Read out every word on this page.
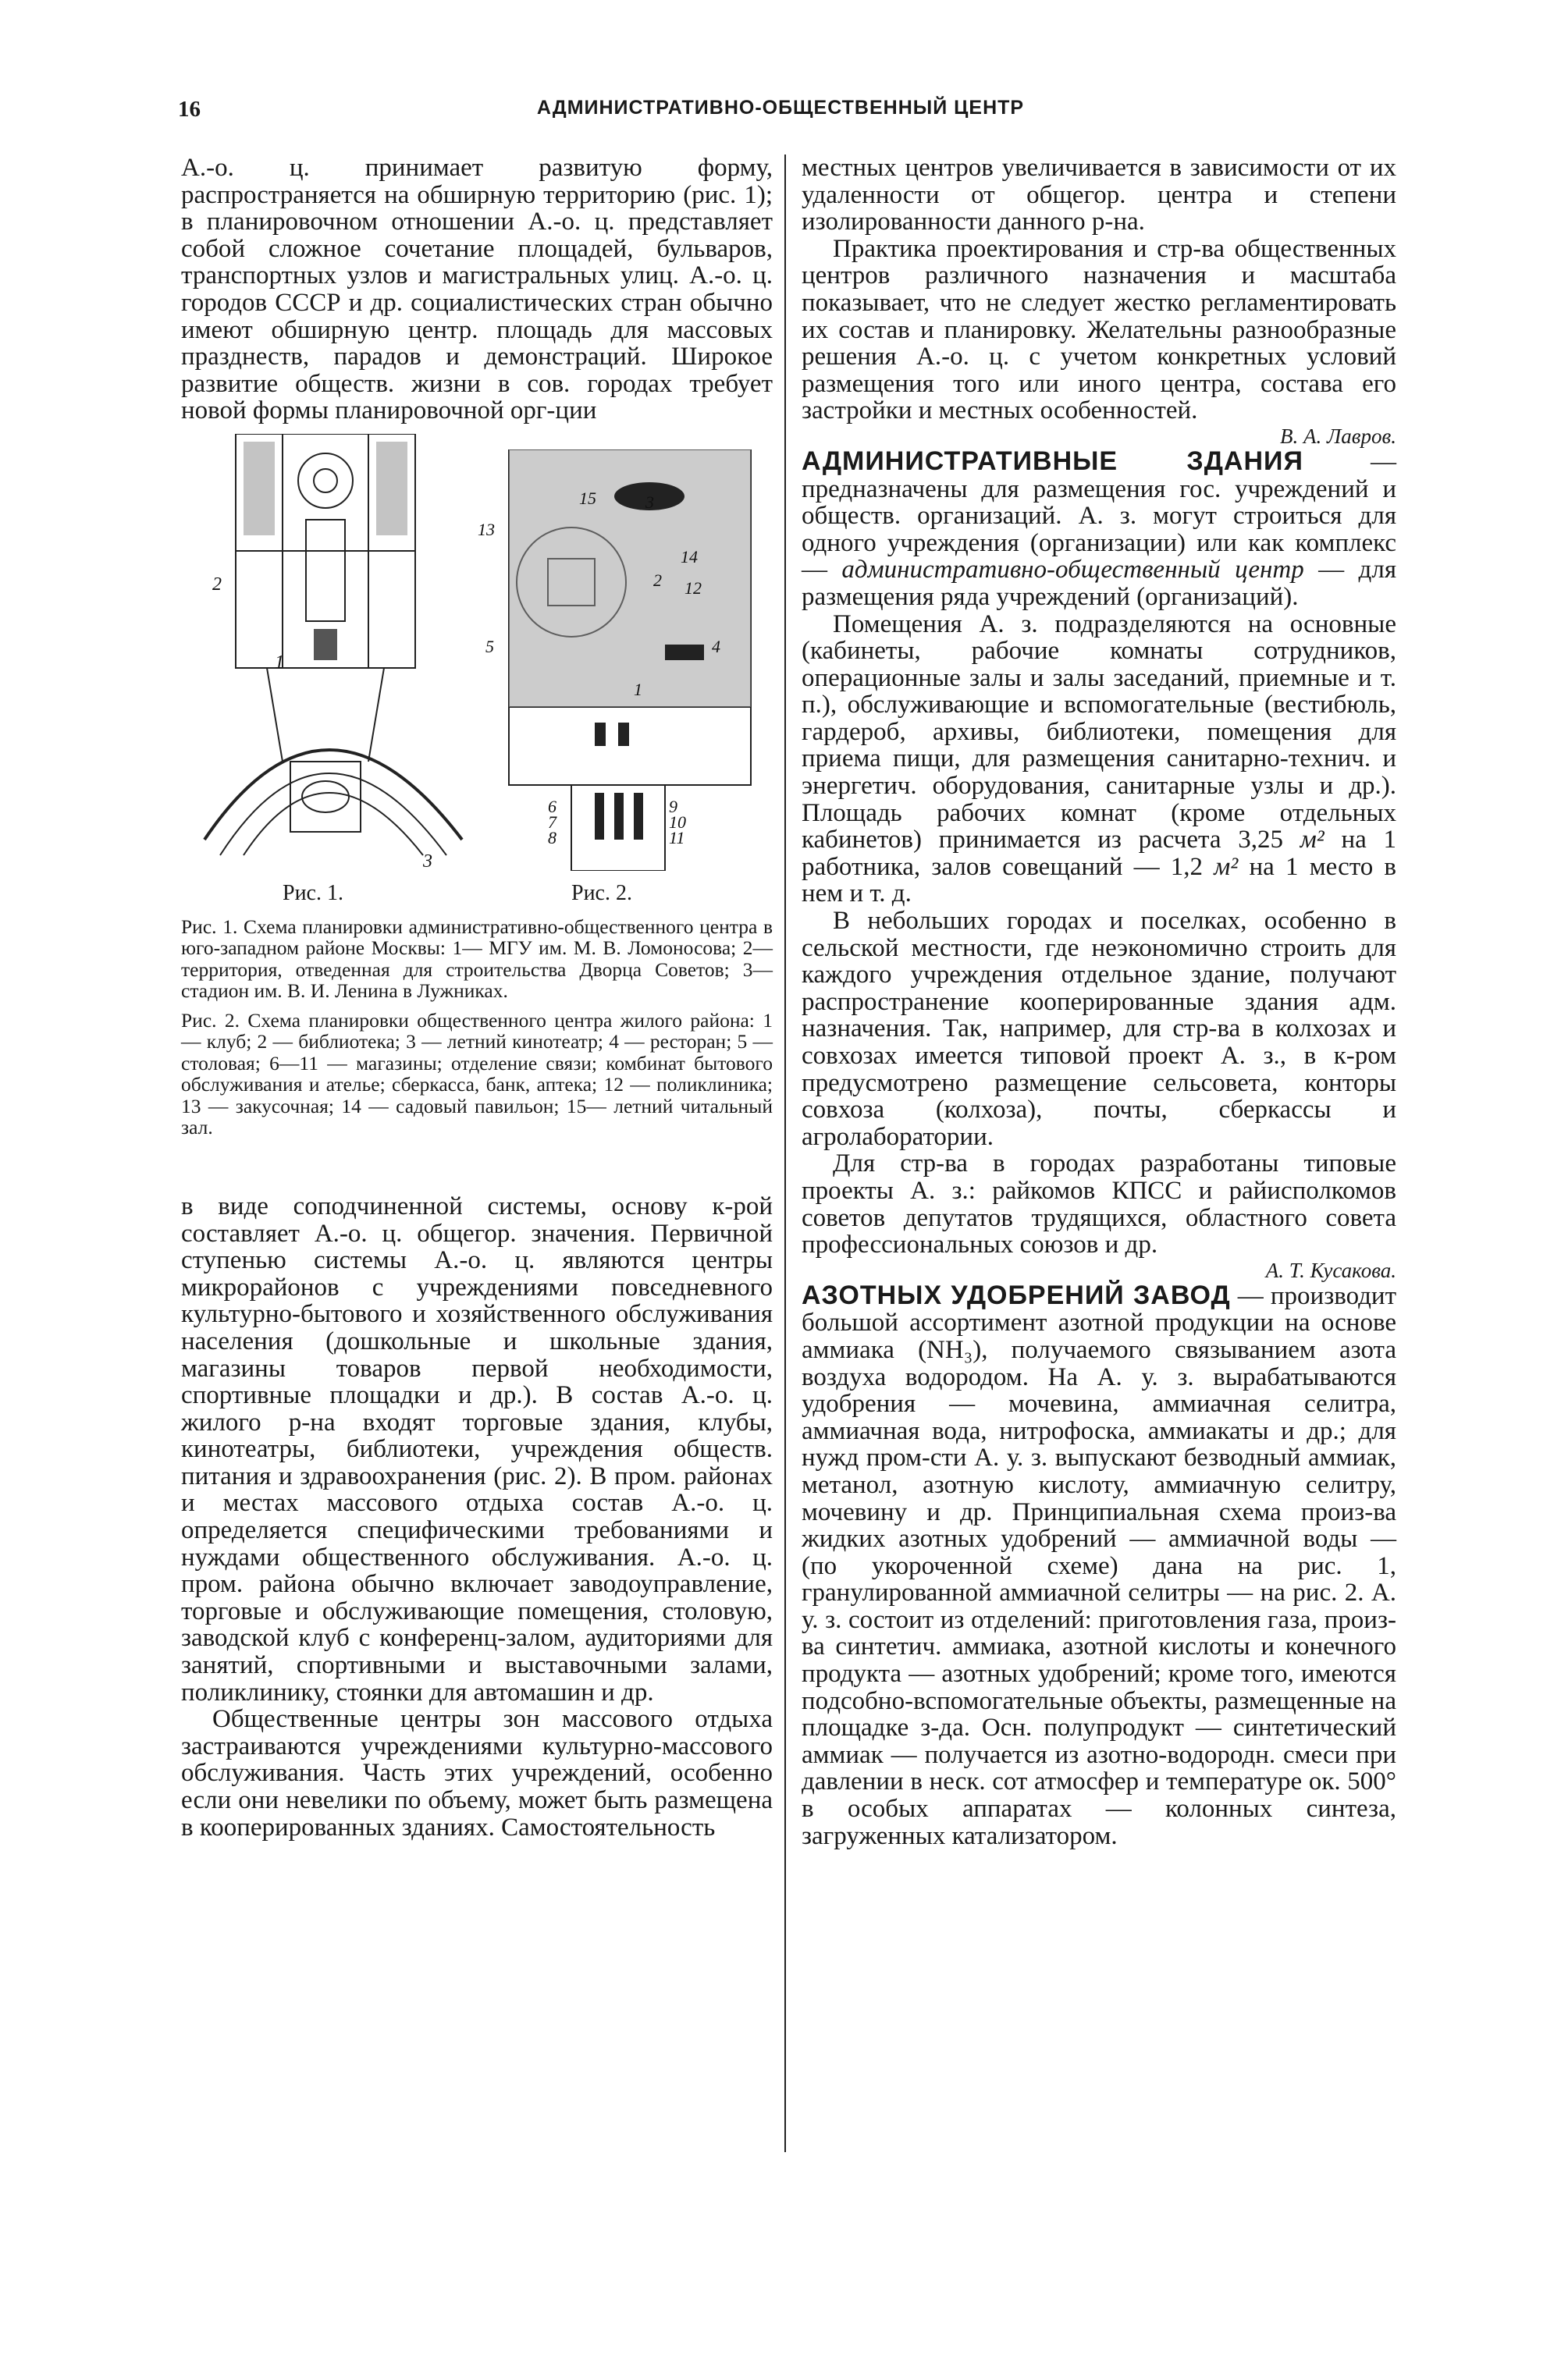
16	АДМИНИСТРАТИВНО-ОБЩЕСТВЕННЫЙ ЦЕНТР

А.-о. ц. принимает развитую форму, распространяется на обширную территорию (рис. 1); в планировочном отношении А.-о. ц. представляет собой сложное сочетание площадей, бульваров, транспортных узлов и магистральных улиц. А.-о. ц. городов СССР и др. социалистических стран обычно имеют обширную центр. площадь для массовых празднеств, парадов и демонстраций. Широкое развитие обществ. жизни в сов. городах требует новой формы планировочной орг-ции

2
1
3
13
15	3
14
2 12
5	4
1
6
7
8
9
10
11
Рис. 1.	Рис. 2.

Рис. 1. Схема планировки административно-общественного центра в юго-западном районе Москвы: 1— МГУ им. М. В. Ломоносова; 2— территория, отведенная для строительства Дворца Советов; 3— стадион им. В. И. Ленина в Лужниках.

Рис. 2. Схема планировки общественного центра жилого района: 1 — клуб; 2 — библиотека; 3 — летний кинотеатр; 4 — ресторан; 5 — столовая; 6—11 — магазины; отделение связи; комбинат бытового обслуживания и ателье; сберкасса, банк, аптека; 12 — поликлиника; 13 — закусочная; 14 — садовый павильон; 15— летний читальный зал.

в виде соподчиненной системы, основу к-рой составляет А.-о. ц. общегор. значения. Первичной ступенью системы А.-о. ц. являются центры микрорайонов с учреждениями повседневного культурно-бытового и хозяйственного обслуживания населения (дошкольные и школьные здания, магазины товаров первой необходимости, спортивные площадки и др.). В состав А.-о. ц. жилого р-на входят торговые здания, клубы, кинотеатры, библиотеки, учреждения обществ. питания и здравоохранения (рис. 2). В пром. районах и местах массового отдыха состав А.-о. ц. определяется специфическими требованиями и нуждами общественного обслуживания. А.-о. ц. пром. района обычно включает заводоуправление, торговые и обслуживающие помещения, столовую, заводской клуб с конференц-залом, аудиториями для занятий, спортивными и выставочными залами, поликлинику, стоянки для автомашин и др.

Общественные центры зон массового отдыха застраиваются учреждениями культурно-массового обслуживания. Часть этих учреждений, особенно если они невелики по объему, может быть размещена в кооперированных зданиях. Самостоятельность

местных центров увеличивается в зависимости от их удаленности от общегор. центра и степени изолированности данного р-на.

Практика проектирования и стр-ва общественных центров различного назначения и масштаба показывает, что не следует жестко регламентировать их состав и планировку. Желательны разнообразные решения А.-о. ц. с учетом конкретных условий размещения того или иного центра, состава его застройки и местных особенностей.

В. А. Лавров.

АДМИНИСТРАТИВНЫЕ ЗДАНИЯ — предназначены для размещения гос. учреждений и обществ. организаций. А. з. могут строиться для одного учреждения (организации) или как комплекс — административно-общественный центр — для размещения ряда учреждений (организаций).

Помещения А. з. подразделяются на основные (кабинеты, рабочие комнаты сотрудников, операционные залы и залы заседаний, приемные и т. п.), обслуживающие и вспомогательные (вестибюль, гардероб, архивы, библиотеки, помещения для приема пищи, для размещения санитарно-технич. и энергетич. оборудования, санитарные узлы и др.). Площадь рабочих комнат (кроме отдельных кабинетов) принимается из расчета 3,25 м² на 1 работника, залов совещаний — 1,2 м² на 1 место в нем и т. д.

В небольших городах и поселках, особенно в сельской местности, где неэкономично строить для каждого учреждения отдельное здание, получают распространение кооперированные здания адм. назначения. Так, например, для стр-ва в колхозах и совхозах имеется типовой проект А. з., в к-ром предусмотрено размещение сельсовета, конторы совхоза (колхоза), почты, сберкассы и агролаборатории.

Для стр-ва в городах разработаны типовые проекты А. з.: райкомов КПСС и райисполкомов советов депутатов трудящихся, областного совета профессиональных союзов и др.

А. Т. Кусакова.

АЗОТНЫХ УДОБРЕНИЙ ЗАВОД — производит большой ассортимент азотной продукции на основе аммиака (NH₃), получаемого связыванием азота воздуха водородом. На А. у. з. вырабатываются удобрения — мочевина, аммиачная селитра, аммиачная вода, нитрофоска, аммиакаты и др.; для нужд пром-сти А. у. з. выпускают безводный аммиак, метанол, азотную кислоту, аммиачную селитру, мочевину и др. Принципиальная схема произ-ва жидких азотных удобрений — аммиачной воды — (по укороченной схеме) дана на рис. 1, гранулированной аммиачной селитры — на рис. 2. А. у. з. состоит из отделений: приготовления газа, произ-ва синтетич. аммиака, азотной кислоты и конечного продукта — азотных удобрений; кроме того, имеются подсобно-вспомогательные объекты, размещенные на площадке з-да. Осн. полупродукт — синтетический аммиак — получается из азотно-водородн. смеси при давлении в неск. сот атмосфер и температуре ок. 500° в особых аппаратах — колонных синтеза, загруженных катализатором.
